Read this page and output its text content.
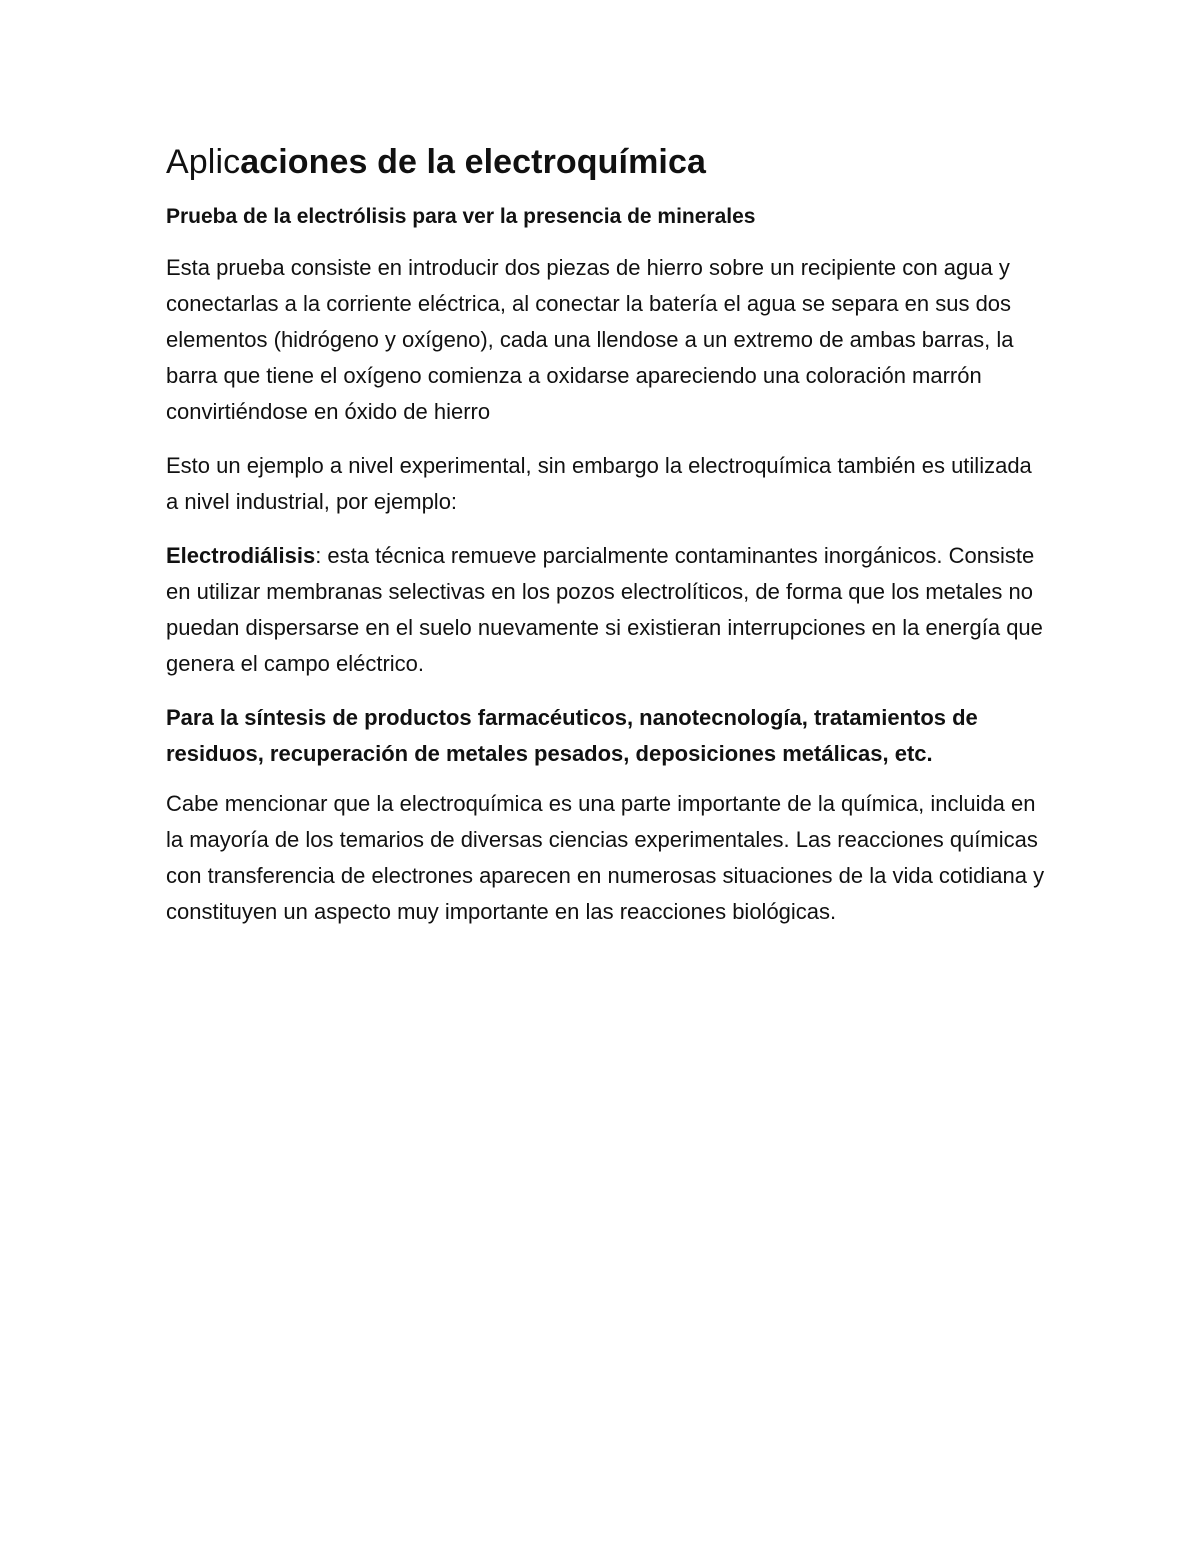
Aplicaciones de la electroquímica
Prueba de la electrólisis para ver la presencia de minerales

Esta prueba consiste en introducir dos piezas de hierro sobre un recipiente con agua y conectarlas a la corriente eléctrica, al conectar la batería el agua se separa en sus dos elementos (hidrógeno y oxígeno), cada una llendose a un extremo de ambas barras, la barra que tiene el oxígeno comienza a oxidarse apareciendo una coloración marrón convirtiéndose en óxido de hierro

Esto un ejemplo a nivel experimental, sin embargo la electroquímica también es utilizada a nivel industrial, por ejemplo:

Electrodiálisis: esta técnica remueve parcialmente contaminantes inorgánicos. Consiste en utilizar membranas selectivas en los pozos electrolíticos, de forma que los metales no puedan dispersarse en el suelo nuevamente si existieran interrupciones en la energía que genera el campo eléctrico.

Para la síntesis de productos farmacéuticos, nanotecnología, tratamientos de residuos, recuperación de metales pesados, deposiciones metálicas, etc.

Cabe mencionar que la electroquímica es una parte importante de la química, incluida en la mayoría de los temarios de diversas ciencias experimentales. Las reacciones químicas con transferencia de electrones aparecen en numerosas situaciones de la vida cotidiana y constituyen un aspecto muy importante en las reacciones biológicas.
